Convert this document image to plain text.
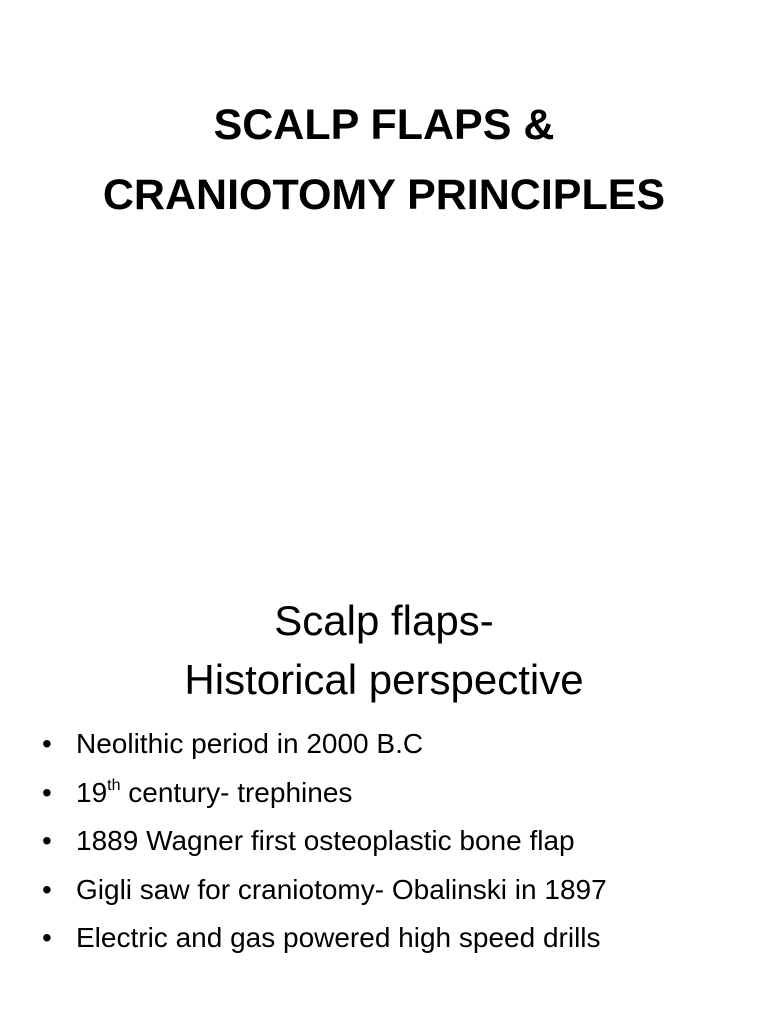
SCALP FLAPS &
CRANIOTOMY PRINCIPLES
Scalp flaps-
Historical perspective
• Neolithic period in 2000 B.C
• 19th century- trephines
• 1889 Wagner first osteoplastic bone flap
• Gigli saw for craniotomy- Obalinski in 1897
• Electric and gas powered high speed drills
